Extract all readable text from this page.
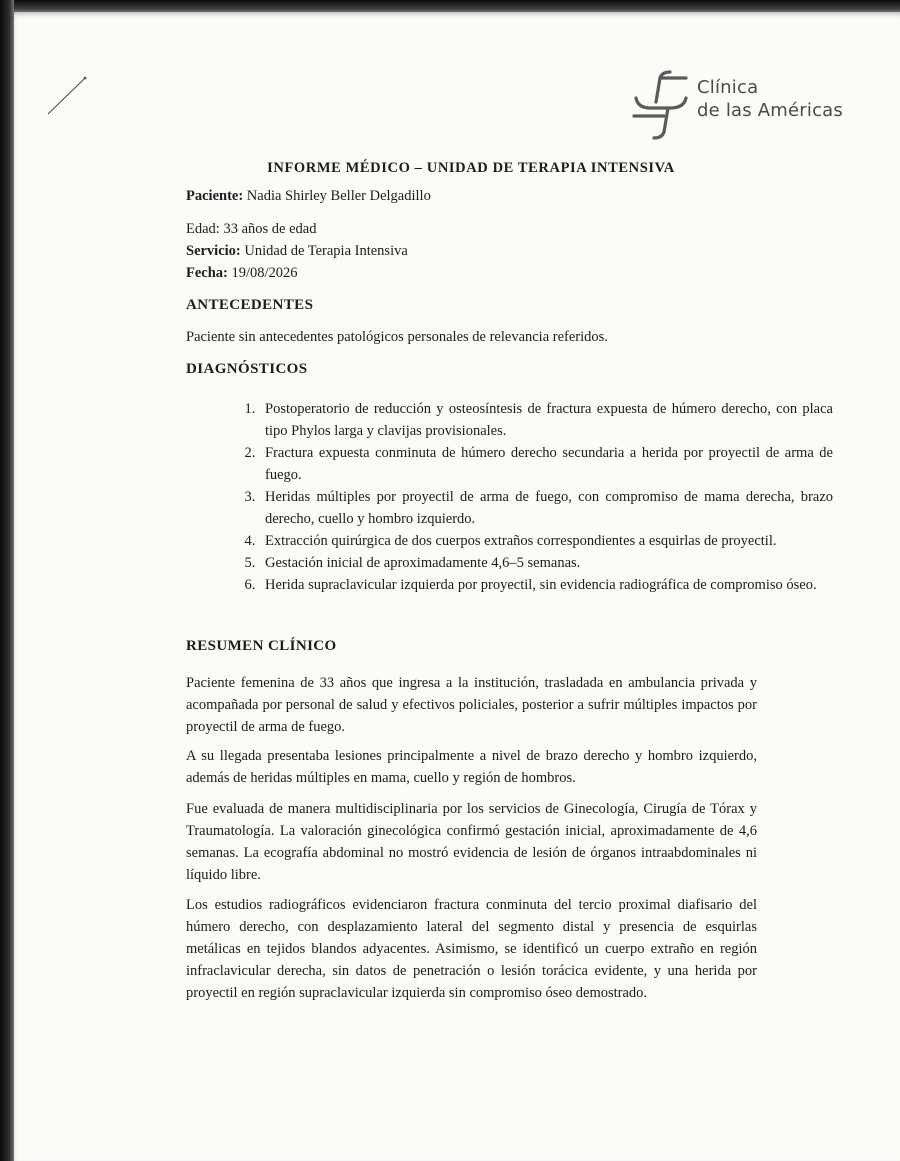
Clínica
de las Américas
INFORME MÉDICO – UNIDAD DE TERAPIA INTENSIVA
Paciente: Nadia Shirley Beller Delgadillo
Edad: 33 años de edad
Servicio: Unidad de Terapia Intensiva
Fecha: 19/08/2026
ANTECEDENTES
Paciente sin antecedentes patológicos personales de relevancia referidos.
DIAGNÓSTICOS
1. Postoperatorio de reducción y osteosíntesis de fractura expuesta de húmero derecho, con placa tipo Phylos larga y clavijas provisionales.
2. Fractura expuesta conminuta de húmero derecho secundaria a herida por proyectil de arma de fuego.
3. Heridas múltiples por proyectil de arma de fuego, con compromiso de mama derecha, brazo derecho, cuello y hombro izquierdo.
4. Extracción quirúrgica de dos cuerpos extraños correspondientes a esquirlas de proyectil.
5. Gestación inicial de aproximadamente 4,6–5 semanas.
6. Herida supraclavicular izquierda por proyectil, sin evidencia radiográfica de compromiso óseo.
RESUMEN CLÍNICO

Paciente femenina de 33 años que ingresa a la institución, trasladada en ambulancia privada y acompañada por personal de salud y efectivos policiales, posterior a sufrir múltiples impactos por proyectil de arma de fuego.

A su llegada presentaba lesiones principalmente a nivel de brazo derecho y hombro izquierdo, además de heridas múltiples en mama, cuello y región de hombros.

Fue evaluada de manera multidisciplinaria por los servicios de Ginecología, Cirugía de Tórax y Traumatología. La valoración ginecológica confirmó gestación inicial, aproximadamente de 4,6 semanas. La ecografía abdominal no mostró evidencia de lesión de órganos intraabdominales ni líquido libre.

Los estudios radiográficos evidenciaron fractura conminuta del tercio proximal diafisario del húmero derecho, con desplazamiento lateral del segmento distal y presencia de esquirlas metálicas en tejidos blandos adyacentes. Asimismo, se identificó un cuerpo extraño en región infraclavicular derecha, sin datos de penetración o lesión torácica evidente, y una herida por proyectil en región supraclavicular izquierda sin compromiso óseo demostrado.
